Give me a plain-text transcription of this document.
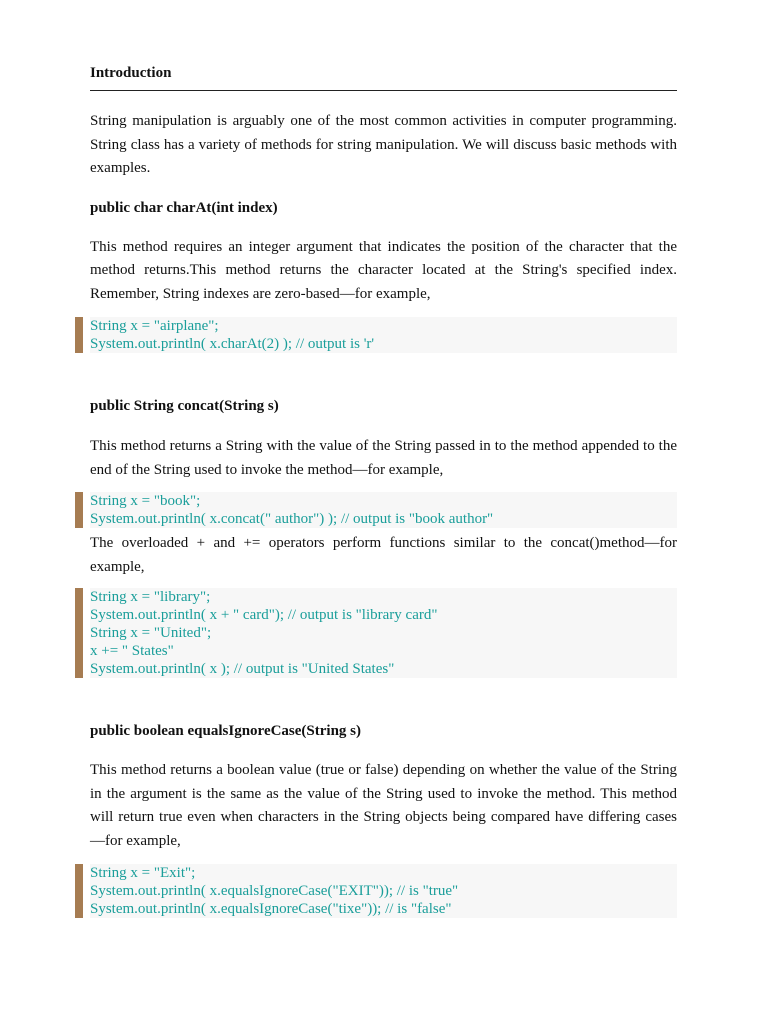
Introduction

String manipulation is arguably one of the most common activities in computer programming. String class has a variety of methods for string manipulation. We will discuss basic methods with examples.

public char charAt(int index)

This method requires an integer argument that indicates the position of the character that the method returns.This method returns the character located at the String's specified index. Remember, String indexes are zero-based—for example,

String x = "airplane";
System.out.println( x.charAt(2) ); // output is 'r'
public String concat(String s)

This method returns a String with the value of the String passed in to the method appended to the end of the String used to invoke the method—for example,

String x = "book";
System.out.println( x.concat(" author") ); // output is "book author"

The overloaded + and += operators perform functions similar to the concat()method—for example,

String x = "library";
System.out.println( x + " card"); // output is "library card"
String x = "United";
x += " States"
System.out.println( x ); // output is "United States"
public boolean equalsIgnoreCase(String s)

This method returns a boolean value (true or false) depending on whether the value of the String in the argument is the same as the value of the String used to invoke the method. This method will return true even when characters in the String objects being compared have differing cases —for example,

String x = "Exit";
System.out.println( x.equalsIgnoreCase("EXIT")); // is "true"
System.out.println( x.equalsIgnoreCase("tixe")); // is "false"
